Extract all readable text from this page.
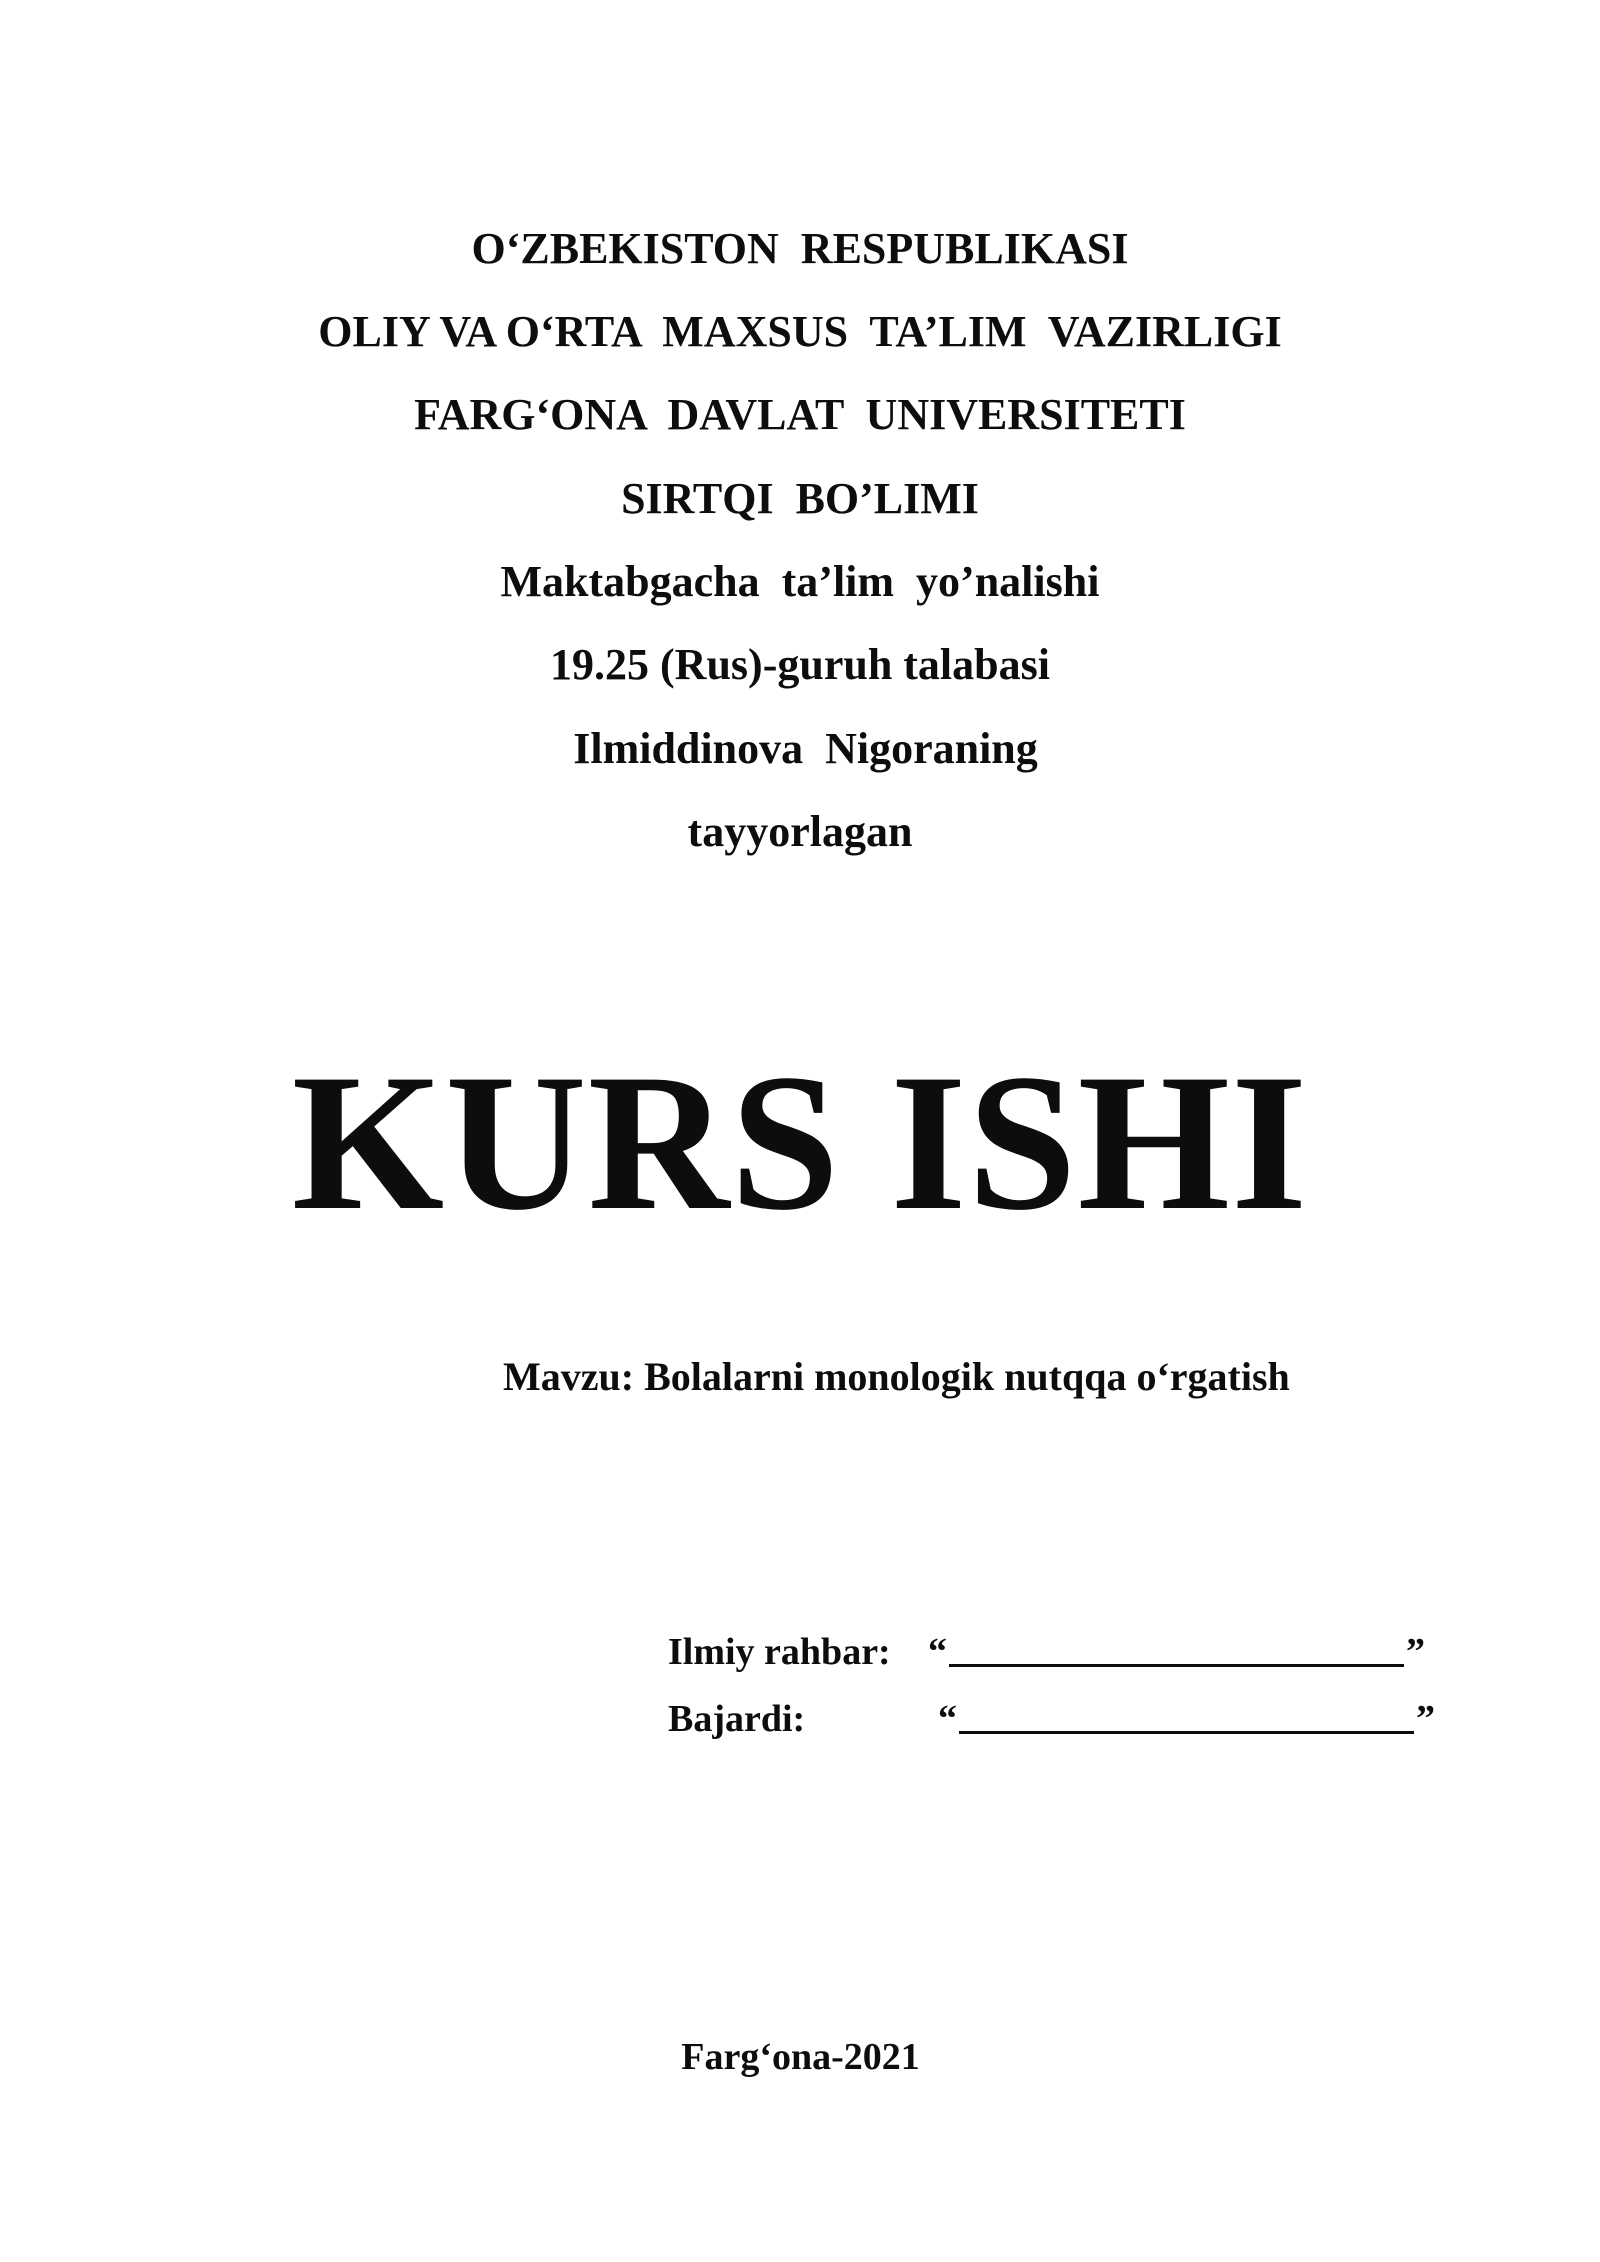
O‘ZBEKISTON  RESPUBLIKASI
OLIY VA O‘RTA  MAXSUS  TA’LIM  VAZIRLIGI
FARG‘ONA  DAVLAT  UNIVERSITETI
SIRTQI  BO’LIMI
Maktabgacha  ta’lim  yo’nalishi
19.25 (Rus)-guruh talabasi
Ilmiddinova  Nigoraning
tayyorlagan
KURS ISHI
Mavzu: Bolalarni monologik nutqqa o‘rgatish

Ilmiy rahbar:

“	”

Bajardi:

	“	”

Farg‘ona-2021
